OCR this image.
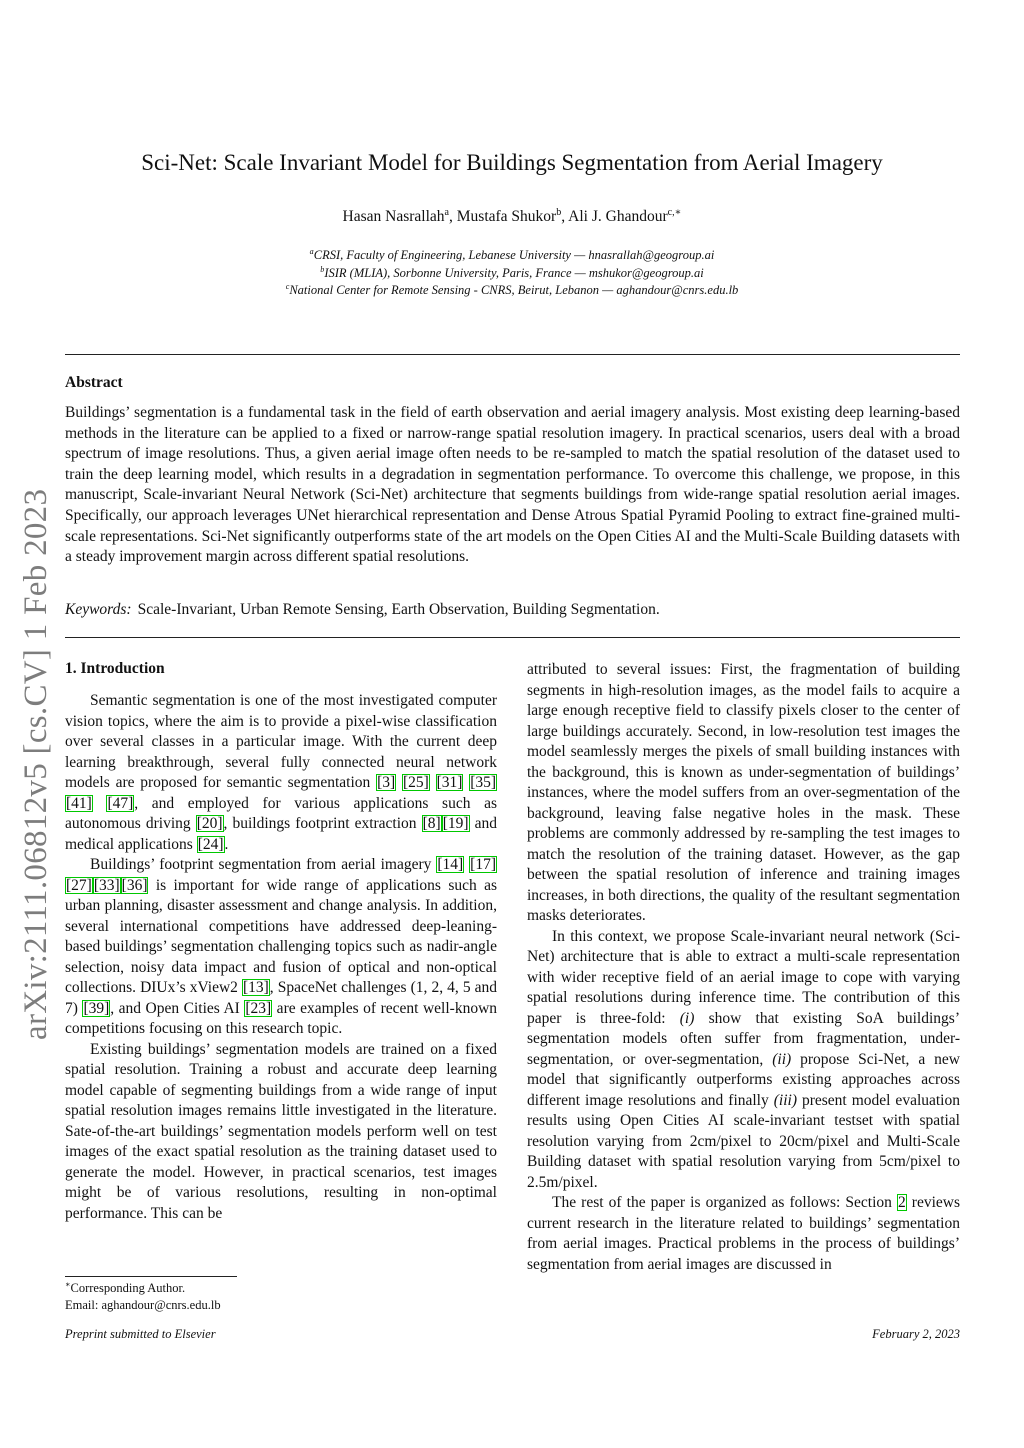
arXiv:2111.06812v5 [cs.CV] 1 Feb 2023
Sci-Net: Scale Invariant Model for Buildings Segmentation from Aerial Imagery
Hasan Nasrallah$^a$, Mustafa Shukor$^b$, Ali J. Ghandour$^{c,∗}$
$^a$CRSI, Faculty of Engineering, Lebanese University — hnasrallah@geogroup.ai
$^b$ISIR (MLIA), Sorbonne University, Paris, France — mshukor@geogroup.ai
$^c$National Center for Remote Sensing - CNRS, Beirut, Lebanon — aghandour@cnrs.edu.lb
Abstract
Buildings’ segmentation is a fundamental task in the field of earth observation and aerial imagery analysis. Most existing deep learning-based methods in the literature can be applied to a fixed or narrow-range spatial resolution imagery. In practical scenarios, users deal with a broad spectrum of image resolutions. Thus, a given aerial image often needs to be re-sampled to match the spatial resolution of the dataset used to train the deep learning model, which results in a degradation in segmentation performance. To overcome this challenge, we propose, in this manuscript, Scale-invariant Neural Network (Sci-Net) architecture that segments buildings from wide-range spatial resolution aerial images. Specifically, our approach leverages UNet hierarchical representation and Dense Atrous Spatial Pyramid Pooling to extract fine-grained multi-scale representations. Sci-Net significantly outperforms state of the art models on the Open Cities AI and the Multi-Scale Building datasets with a steady improvement margin across different spatial resolutions.
Keywords: Scale-Invariant, Urban Remote Sensing, Earth Observation, Building Segmentation.
1. Introduction

Semantic segmentation is one of the most investigated computer vision topics, where the aim is to provide a pixel-wise classification over several classes in a particular image. With the current deep learning breakthrough, several fully connected neural network models are proposed for semantic segmentation [3] [25] [31] [35] [41] [47], and employed for various applications such as autonomous driving [20], buildings footprint extraction [8] [19] and medical applications [24].

Buildings’ footprint segmentation from aerial imagery [14] [17][27] [33] [36] is important for wide range of applications such as urban planning, disaster assessment and change analysis. In addition, several international competitions have addressed deep-leaning-based buildings’ segmentation challenging topics such as nadir-angle selection, noisy data impact and fusion of optical and non-optical collections. DIUx’s xView2 [13], SpaceNet challenges (1, 2, 4, 5 and 7) [39], and Open Cities AI [23] are examples of recent well-known competitions focusing on this research topic.

Existing buildings’ segmentation models are trained on a fixed spatial resolution. Training a robust and accurate deep learning model capable of segmenting buildings from a wide range of input spatial resolution images remains little investigated in the literature. Sate-of-the-art buildings’ segmentation models perform well on test images of the exact spatial resolution as the training dataset used to generate the model. However, in practical scenarios, test images might be of various resolutions, resulting in non-optimal performance. This can be

attributed to several issues: First, the fragmentation of building segments in high-resolution images, as the model fails to acquire a large enough receptive field to classify pixels closer to the center of large buildings accurately. Second, in low-resolution test images the model seamlessly merges the pixels of small building instances with the background, this is known as under-segmentation of buildings’ instances, where the model suffers from an over-segmentation of the background, leaving false negative holes in the mask. These problems are commonly addressed by re-sampling the test images to match the resolution of the training dataset. However, as the gap between the spatial resolution of inference and training images increases, in both directions, the quality of the resultant segmentation masks deteriorates.

In this context, we propose Scale-invariant neural network (Sci-Net) architecture that is able to extract a multi-scale representation with wider receptive field of an aerial image to cope with varying spatial resolutions during inference time. The contribution of this paper is three-fold: (i) show that existing SoA buildings’ segmentation models often suffer from fragmentation, under-segmentation, or over-segmentation, (ii) propose Sci-Net, a new model that significantly outperforms existing approaches across different image resolutions and finally (iii) present model evaluation results using Open Cities AI scale-invariant testset with spatial resolution varying from 2cm/pixel to 20cm/pixel and Multi-Scale Building dataset with spatial resolution varying from 5cm/pixel to 2.5m/pixel.

The rest of the paper is organized as follows: Section 2 reviews current research in the literature related to buildings’ segmentation from aerial images. Practical problems in the process of buildings’ segmentation from aerial images are discussed in

∗Corresponding Author.
Email: aghandour@cnrs.edu.lb
Preprint submitted to Elsevier	February 2, 2023
